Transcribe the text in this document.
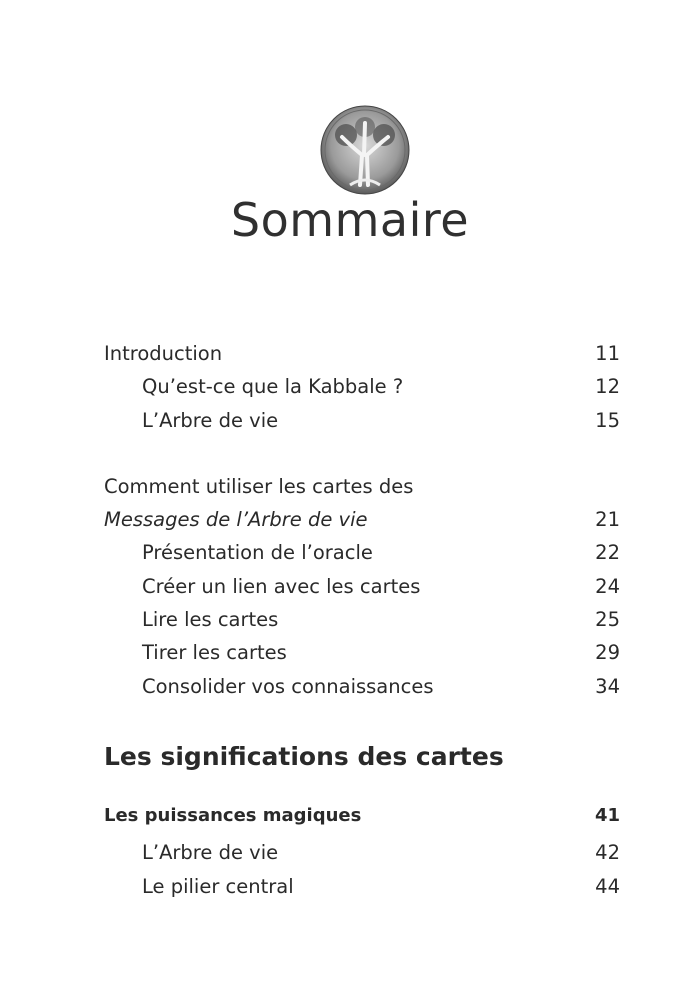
Sommaire
Introduction	11
Qu’est-ce que la Kabbale ?	12
L’Arbre de vie	15
Comment utiliser les cartes des
Messages de l’Arbre de vie	21
Présentation de l’oracle	22
Créer un lien avec les cartes	24
Lire les cartes	25
Tirer les cartes	29
Consolider vos connaissances	34
Les significations des cartes
Les puissances magiques	41
L’Arbre de vie	42
Le pilier central	44
